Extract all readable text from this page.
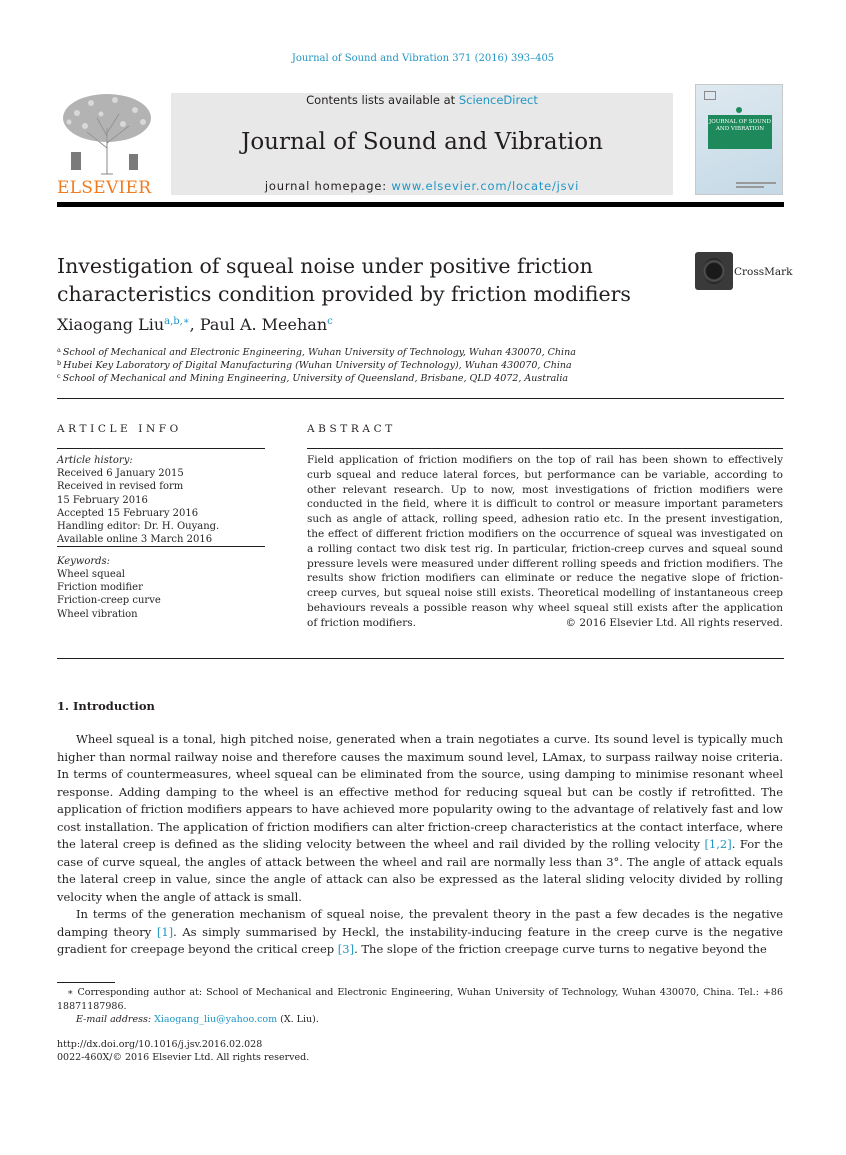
Journal of Sound and Vibration 371 (2016) 393–405
ELSEVIER
Contents lists available at ScienceDirect
Journal of Sound and Vibration
journal homepage: www.elsevier.com/locate/jsvi
JOURNAL OF SOUND AND VIBRATION
Investigation of squeal noise under positive friction
characteristics condition provided by friction modifiers
CrossMark
Xiaogang Liu$^{a,b,∗}$, Paul A. Meehan$^c$
$^a$ School of Mechanical and Electronic Engineering, Wuhan University of Technology, Wuhan 430070, China
$^b$ Hubei Key Laboratory of Digital Manufacturing (Wuhan University of Technology), Wuhan 430070, China
$^c$ School of Mechanical and Mining Engineering, University of Queensland, Brisbane, QLD 4072, Australia
ARTICLE INFO
Article history:
Received 6 January 2015
Received in revised form
15 February 2016
Accepted 15 February 2016
Handling editor: Dr. H. Ouyang.
Available online 3 March 2016
Keywords:
Wheel squeal
Friction modifier
Friction-creep curve
Wheel vibration
ABSTRACT
Field application of friction modifiers on the top of rail has been shown to effectively curb squeal and reduce lateral forces, but performance can be variable, according to other relevant research. Up to now, most investigations of friction modifiers were conducted in the field, where it is difficult to control or measure important parameters such as angle of attack, rolling speed, adhesion ratio etc. In the present investigation, the effect of different friction modifiers on the occurrence of squeal was investigated on a rolling contact two disk test rig. In particular, friction-creep curves and squeal sound pressure levels were measured under different rolling speeds and friction modifiers. The results show friction modifiers can eliminate or reduce the negative slope of friction-creep curves, but squeal noise still exists. Theoretical modelling of instantaneous creep behaviours reveals a possible reason why wheel squeal still exists after the application of friction modifiers.	© 2016 Elsevier Ltd. All rights reserved.
1. Introduction

Wheel squeal is a tonal, high pitched noise, generated when a train negotiates a curve. Its sound level is typically much higher than normal railway noise and therefore causes the maximum sound level, LAmax, to surpass railway noise criteria. In terms of countermeasures, wheel squeal can be eliminated from the source, using damping to minimise resonant wheel response. Adding damping to the wheel is an effective method for reducing squeal but can be costly if retrofitted. The application of friction modifiers appears to have achieved more popularity owing to the advantage of relatively fast and low cost installation. The application of friction modifiers can alter friction-creep characteristics at the contact interface, where the lateral creep is defined as the sliding velocity between the wheel and rail divided by the rolling velocity [1,2]. For the case of curve squeal, the angles of attack between the wheel and rail are normally less than 3°. The angle of attack equals the lateral creep in value, since the angle of attack can also be expressed as the lateral sliding velocity divided by rolling velocity when the angle of attack is small.

In terms of the generation mechanism of squeal noise, the prevalent theory in the past a few decades is the negative damping theory [1]. As simply summarised by Heckl, the instability-inducing feature in the creep curve is the negative gradient for creepage beyond the critical creep [3]. The slope of the friction creepage curve turns to negative beyond the

∗ Corresponding author at: School of Mechanical and Electronic Engineering, Wuhan University of Technology, Wuhan 430070, China. Tel.: +86 18871187986.
E-mail address: Xiaogang_liu@yahoo.com (X. Liu).
http://dx.doi.org/10.1016/j.jsv.2016.02.028
0022-460X/© 2016 Elsevier Ltd. All rights reserved.
